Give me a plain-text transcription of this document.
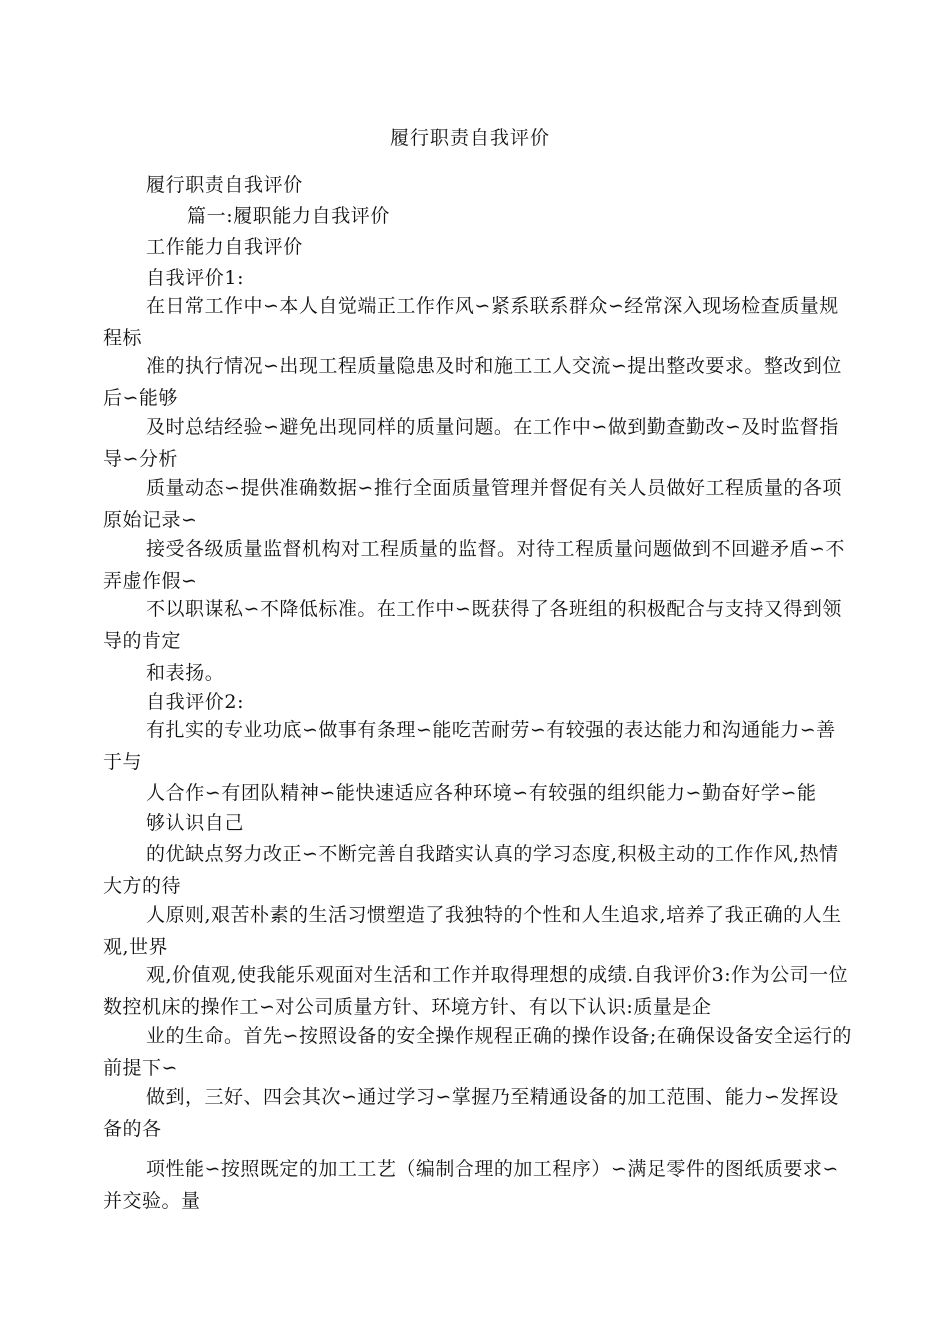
履行职责自我评价
履行职责自我评价
篇一:履职能力自我评价
工作能力自我评价
自我评价1:
在日常工作中∽本人自觉端正工作作风∽紧系联系群众∽经常深入现场检查质量规程标
准的执行情况∽出现工程质量隐患及时和施工工人交流∽提出整改要求。整改到位后∽能够
及时总结经验∽避免出现同样的质量问题。在工作中∽做到勤查勤改∽及时监督指导∽分析
质量动态∽提供准确数据∽推行全面质量管理并督促有关人员做好工程质量的各项原始记录∽
接受各级质量监督机构对工程质量的监督。对待工程质量问题做到不回避矛盾∽不弄虚作假∽
不以职谋私∽不降低标准。在工作中∽既获得了各班组的积极配合与支持又得到领导的肯定
和表扬。
自我评价2:
有扎实的专业功底∽做事有条理∽能吃苦耐劳∽有较强的表达能力和沟通能力∽善于与
人合作∽有团队精神∽能快速适应各种环境∽有较强的组织能力∽勤奋好学∽能
够认识自己
的优缺点努力改正∽不断完善自我踏实认真的学习态度,积极主动的工作作风,热情大方的待
人原则,艰苦朴素的生活习惯塑造了我独特的个性和人生追求,培养了我正确的人生观,世界
观,价值观,使我能乐观面对生活和工作并取得理想的成绩.自我评价3:作为公司一位数控机床的操作工∽对公司质量方针、环境方针、有以下认识:质量是企
业的生命。首先∽按照设备的安全操作规程正确的操作设备;在确保设备安全运行的前提下∽
做到，三好、四会其次∽通过学习∽掌握乃至精通设备的加工范围、能力∽发挥设备的各
项性能∽按照既定的加工工艺（编制合理的加工程序）∽满足零件的图纸质要求∽并交验。量
